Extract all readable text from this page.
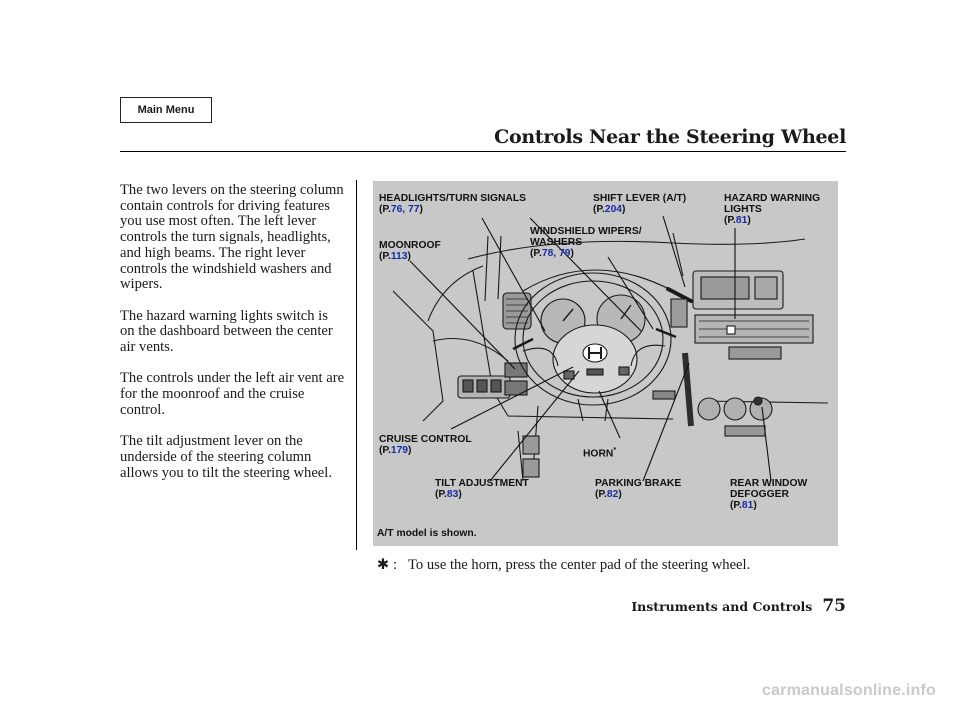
Main Menu
Controls Near the Steering Wheel

The two levers on the steering column contain controls for driving features you use most often. The left lever controls the turn signals, headlights, and high beams. The right lever controls the windshield washers and wipers.

The hazard warning lights switch is on the dashboard between the center air vents.

The controls under the left air vent are for the moonroof and the cruise control.

The tilt adjustment lever on the underside of the steering column allows you to tilt the steering wheel.

HEADLIGHTS/TURN SIGNALS
(P.76, 77)
SHIFT LEVER (A/T)
(P.204)
HAZARD WARNING
LIGHTS
(P.81)
WINDSHIELD WIPERS/
WASHERS
(P.78, 79)
MOONROOF
(P.113)
CRUISE CONTROL
(P.179)	HORN*
TILT ADJUSTMENT
(P.83)
PARKING BRAKE
(P.82)
REAR WINDOW
DEFOGGER
(P.81)
A/T model is shown.
✱ : To use the horn, press the center pad of the steering wheel.
Instruments and Controls 75
carmanualsonline.info
